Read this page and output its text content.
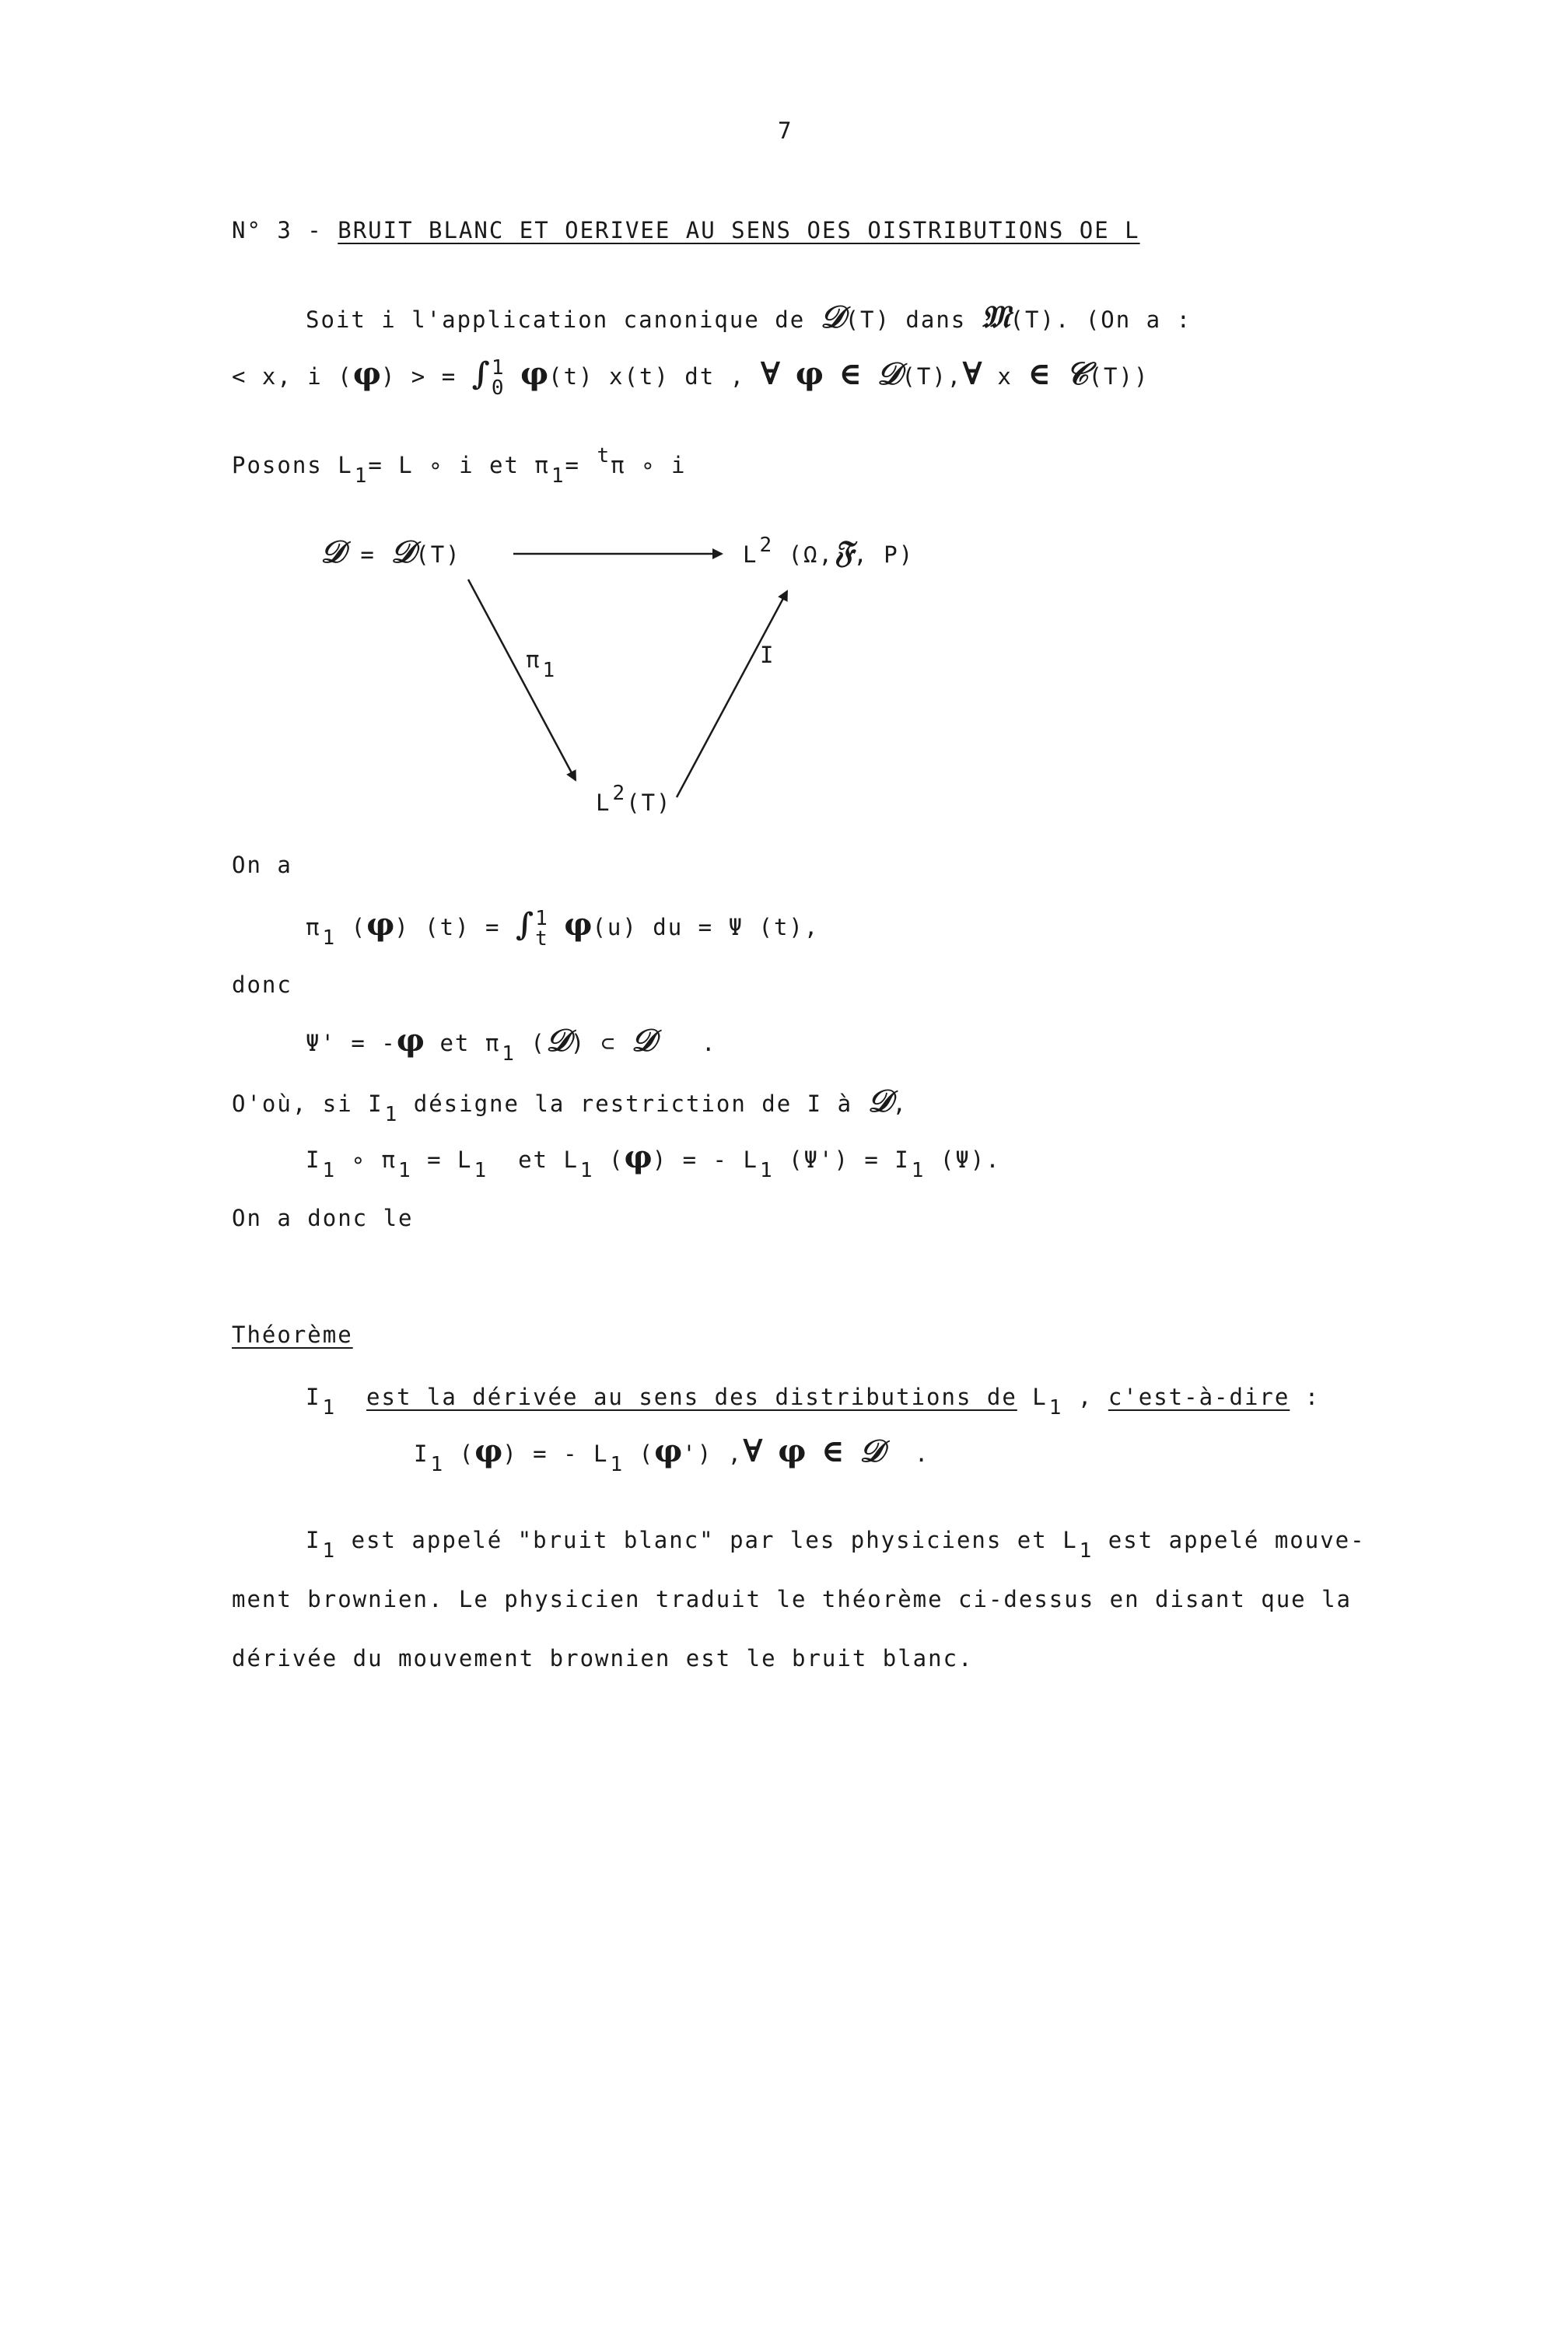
7
N° 3 - BRUIT BLANC ET OERIVEE AU SENS OES OISTRIBUTIONS OE L
Soit i l'application canonique de 𝒟(T) dans 𝔐(T). (On a :
< x, i (φ) > = ∫ 1
0 φ(t) x(t) dt , ∀ φ ∈ 𝒟(T),∀ x ∈ 𝒞(T))
Posons L1= L ∘ i et π1= tπ ∘ i
𝒟 = 𝒟(T)	L2 (Ω,𝔉, P)
π1
I
L2(T)
On a
π1 (φ) (t) = ∫ 1
t φ(u) du = Ψ (t),
donc
Ψ' = -φ et π1 (𝒟) ⊂ 𝒟 .
O'où, si I1 désigne la restriction de I à 𝒟,
I1 ∘ π1 = L1 et L1 (φ) = - L1 (Ψ') = I1 (Ψ).
On a donc le
Théorème
I1 est la dérivée au sens des distributions de L1 , c'est-à-dire :
I1 (φ) = - L1 (φ') ,∀ φ ∈ 𝒟 .
I1 est appelé "bruit blanc" par les physiciens et L1 est appelé mouve-
ment brownien. Le physicien traduit le théorème ci-dessus en disant que la
dérivée du mouvement brownien est le bruit blanc.
